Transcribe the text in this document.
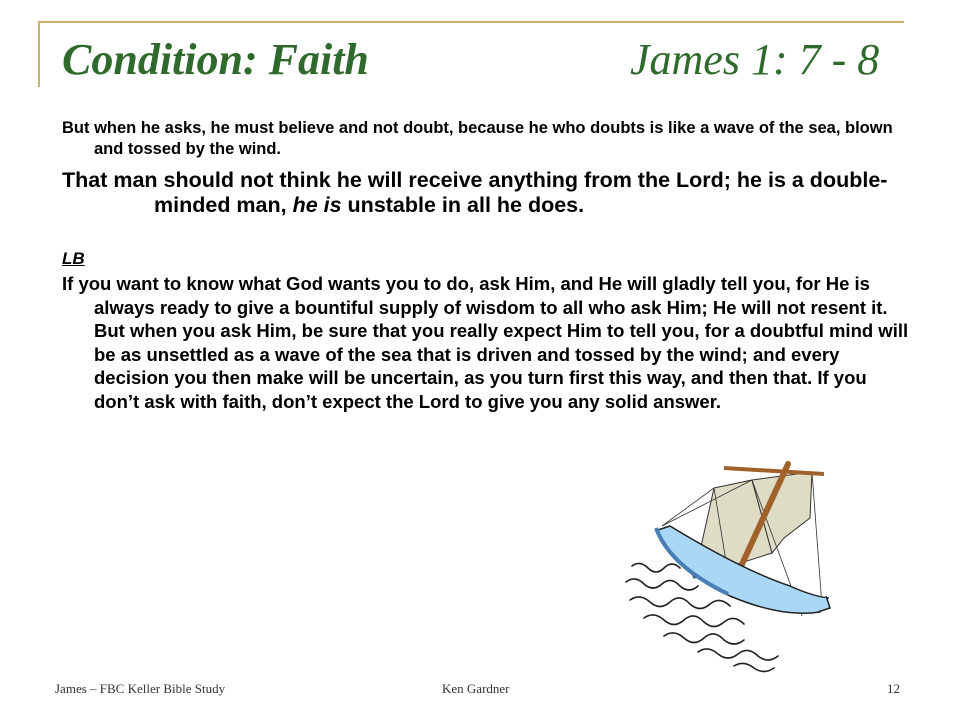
Condition: Faith	James 1: 7 - 8

But when he asks, he must believe and not doubt, because he who doubts is like a wave of the sea, blown and tossed by the wind.

That man should not think he will receive anything from the Lord; he is a double-minded man, he is unstable in all he does.

LB

If you want to know what God wants you to do, ask Him, and He will gladly tell you, for He is always ready to give a bountiful supply of wisdom to all who ask Him; He will not resent it. But when you ask Him, be sure that you really expect Him to tell you, for a doubtful mind will be as unsettled as a wave of the sea that is driven and tossed by the wind; and every decision you then make will be uncertain, as you turn first this way, and then that. If you don’t ask with faith, don’t expect the Lord to give you any solid answer.

James – FBC Keller Bible Study	Ken Gardner	12
